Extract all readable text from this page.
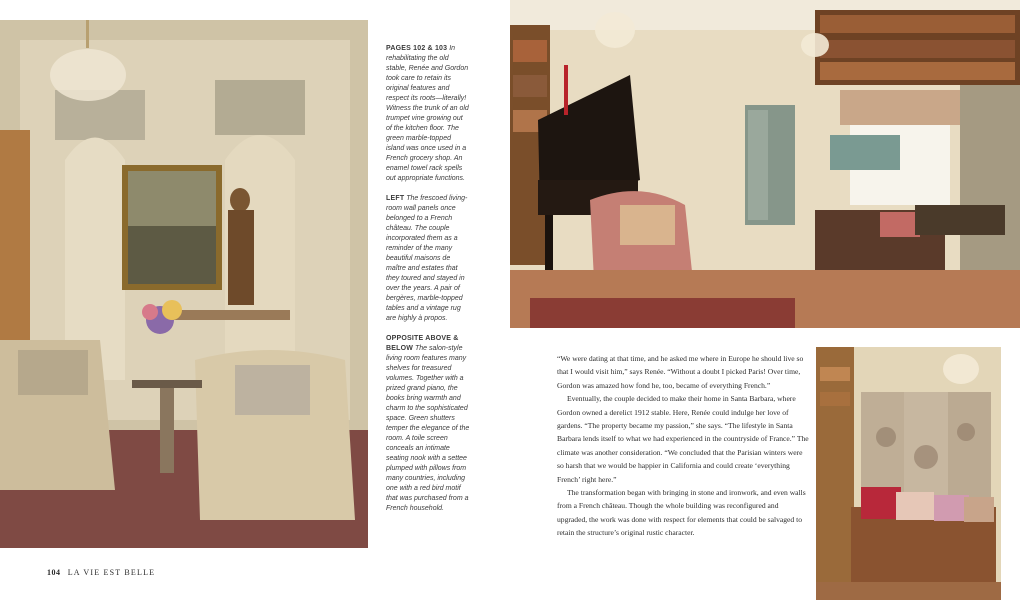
PAGES 102 & 103 In rehabilitating the old stable, Renée and Gordon took care to retain its original features and respect its roots—literally! Witness the trunk of an old trumpet vine growing out of the kitchen floor. The green marble-topped island was once used in a French grocery shop. An enamel towel rack spells out appropriate functions.

LEFT The frescoed living-room wall panels once belonged to a French château. The couple incorporated them as a reminder of the many beautiful maisons de maître and estates that they toured and stayed in over the years. A pair of bergères, marble-topped tables and a vintage rug are highly à propos.

OPPOSITE ABOVE & BELOW The salon-style living room features many shelves for treasured volumes. Together with a prized grand piano, the books bring warmth and charm to the sophisticated space. Green shutters temper the elegance of the room. A toile screen conceals an intimate seating nook with a settee plumped with pillows from many countries, including one with a red bird motif that was purchased from a French household.

“We were dating at that time, and he asked me where in Europe he should live so that I would visit him,” says Renée. “Without a doubt I picked Paris! Over time, Gordon was amazed how fond he, too, became of everything French.”

Eventually, the couple decided to make their home in Santa Barbara, where Gordon owned a derelict 1912 stable. Here, Renée could indulge her love of gardens. “The property became my passion,” she says. “The lifestyle in Santa Barbara lends itself to what we had experienced in the countryside of France.” The climate was another consideration. “We concluded that the Parisian winters were so harsh that we would be happier in California and could create ‘everything French’ right here.”

The transformation began with bringing in stone and ironwork, and even walls from a French château. Though the whole building was reconfigured and upgraded, the work was done with respect for elements that could be salvaged to retain the structure’s original rustic character.

104 LA VIE EST BELLE
